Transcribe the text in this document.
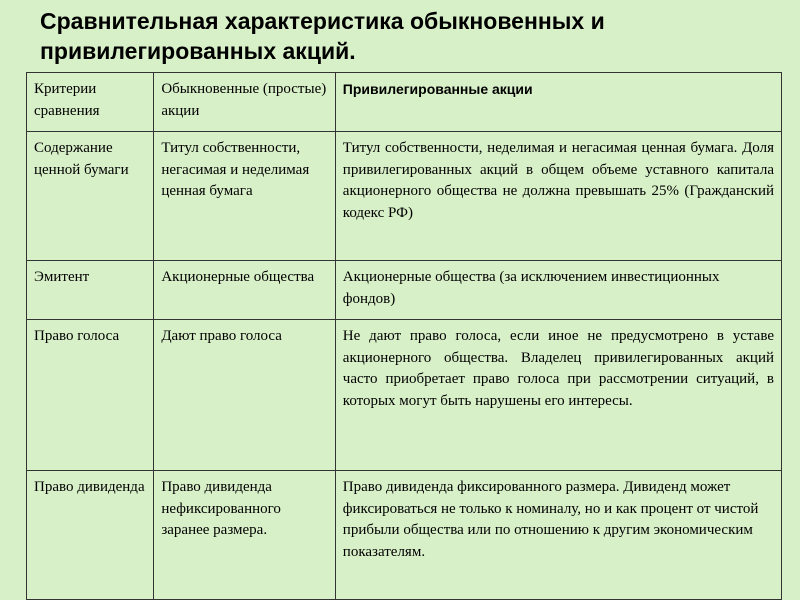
Сравнительная характеристика обыкновенных и привилегированных акций.
Критерии сравнения	Обыкновенные (простые) акции	Привилегированные акции
Содержание ценной бумаги	Титул собственности, негасимая и неделимая ценная бумага	Титул собственности, неделимая и негасимая ценная бумага. Доля привилегированных акций в общем объеме уставного капитала акционерного общества не должна превышать 25% (Гражданский кодекс РФ)
Эмитент	Акционерные общества	Акционерные общества (за исключением инвестиционных фондов)
Право голоса	Дают право голоса	Не дают право голоса, если иное не предусмотрено в уставе акционерного общества. Владелец привилегированных акций часто приобретает право голоса при рассмотрении ситуаций, в которых могут быть нарушены его интересы.
Право дивиденда	Право дивиденда нефиксированного заранее размера.	Право дивиденда фиксированного размера. Дивиденд может фиксироваться не только к номиналу, но и как процент от чистой прибыли общества или по отношению к другим экономическим показателям.
